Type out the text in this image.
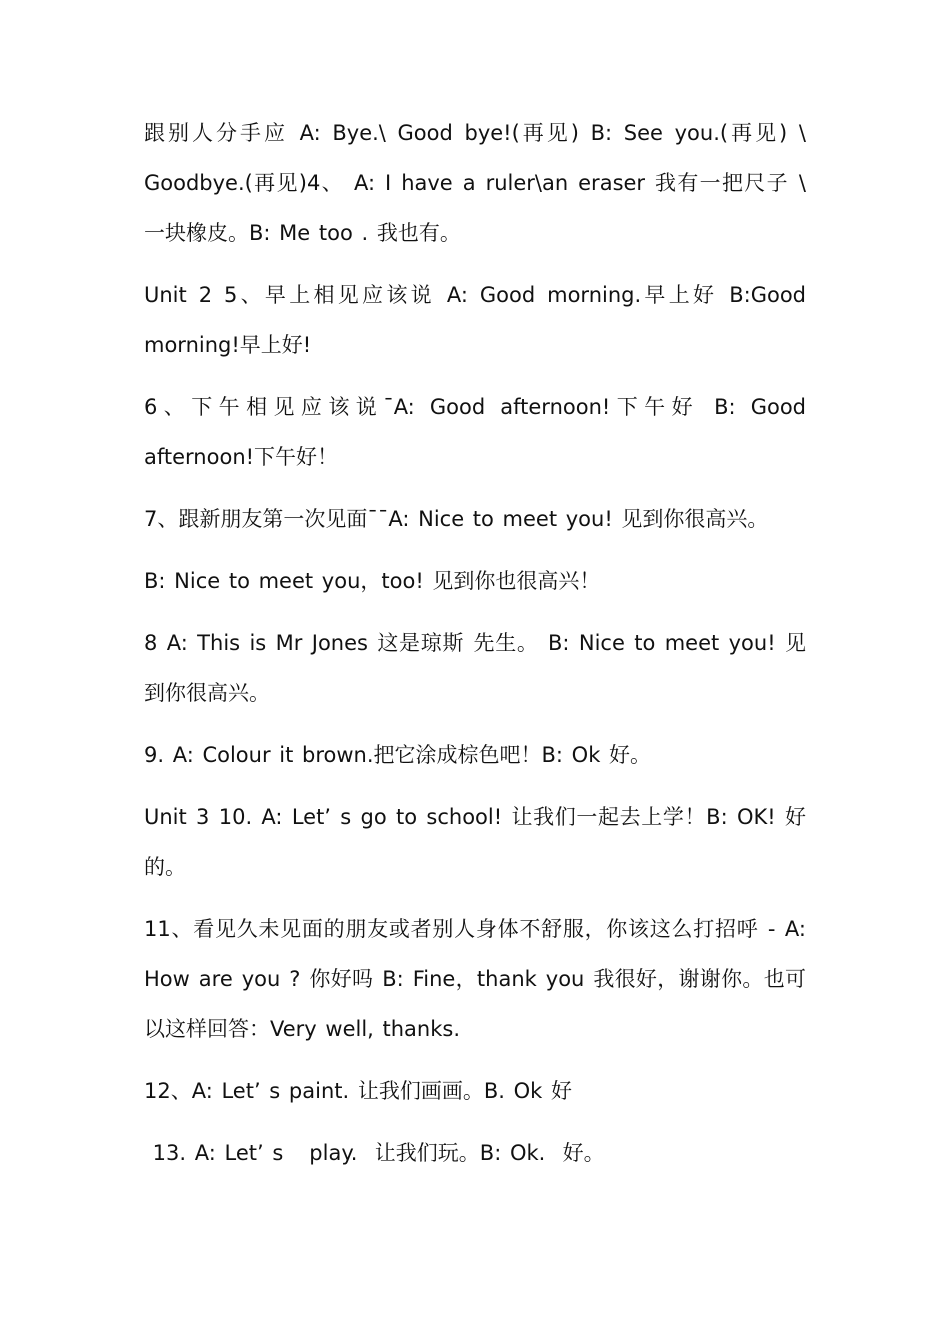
跟别人分手应 A: Bye.\ Good bye!(再见) B: See you.(再见) \ Goodbye.(再见)4、 A: I have a ruler\an eraser 我有一把尺子 \ 一块橡皮。B: Me too . 我也有。

Unit 2 5、早上相见应该说 A: Good morning.早上好 B:Good morning!早上好!

6、下午相见应该说¯A: Good afternoon!下午好 B: Good afternoon!下午好！

7、跟新朋友第一次见面¯¯A: Nice to meet you! 见到你很高兴。

B: Nice to meet you，too! 见到你也很高兴！

8 A: This is Mr Jones 这是琼斯 先生。 B: Nice to meet you! 见到你很高兴。

9. A: Colour it brown.把它涂成棕色吧！B: Ok 好。

Unit 3 10. A: Let’ s go to school! 让我们一起去上学！B: OK! 好的。

11、看见久未见面的朋友或者别人身体不舒服，你该这么打招呼 - A: How are you ? 你好吗 B: Fine，thank you 我很好，谢谢你。也可以这样回答：Very well, thanks.

12、A: Let’ s paint. 让我们画画。B. Ok 好

13. A: Let’ s   play.  让我们玩。B: Ok.  好。
